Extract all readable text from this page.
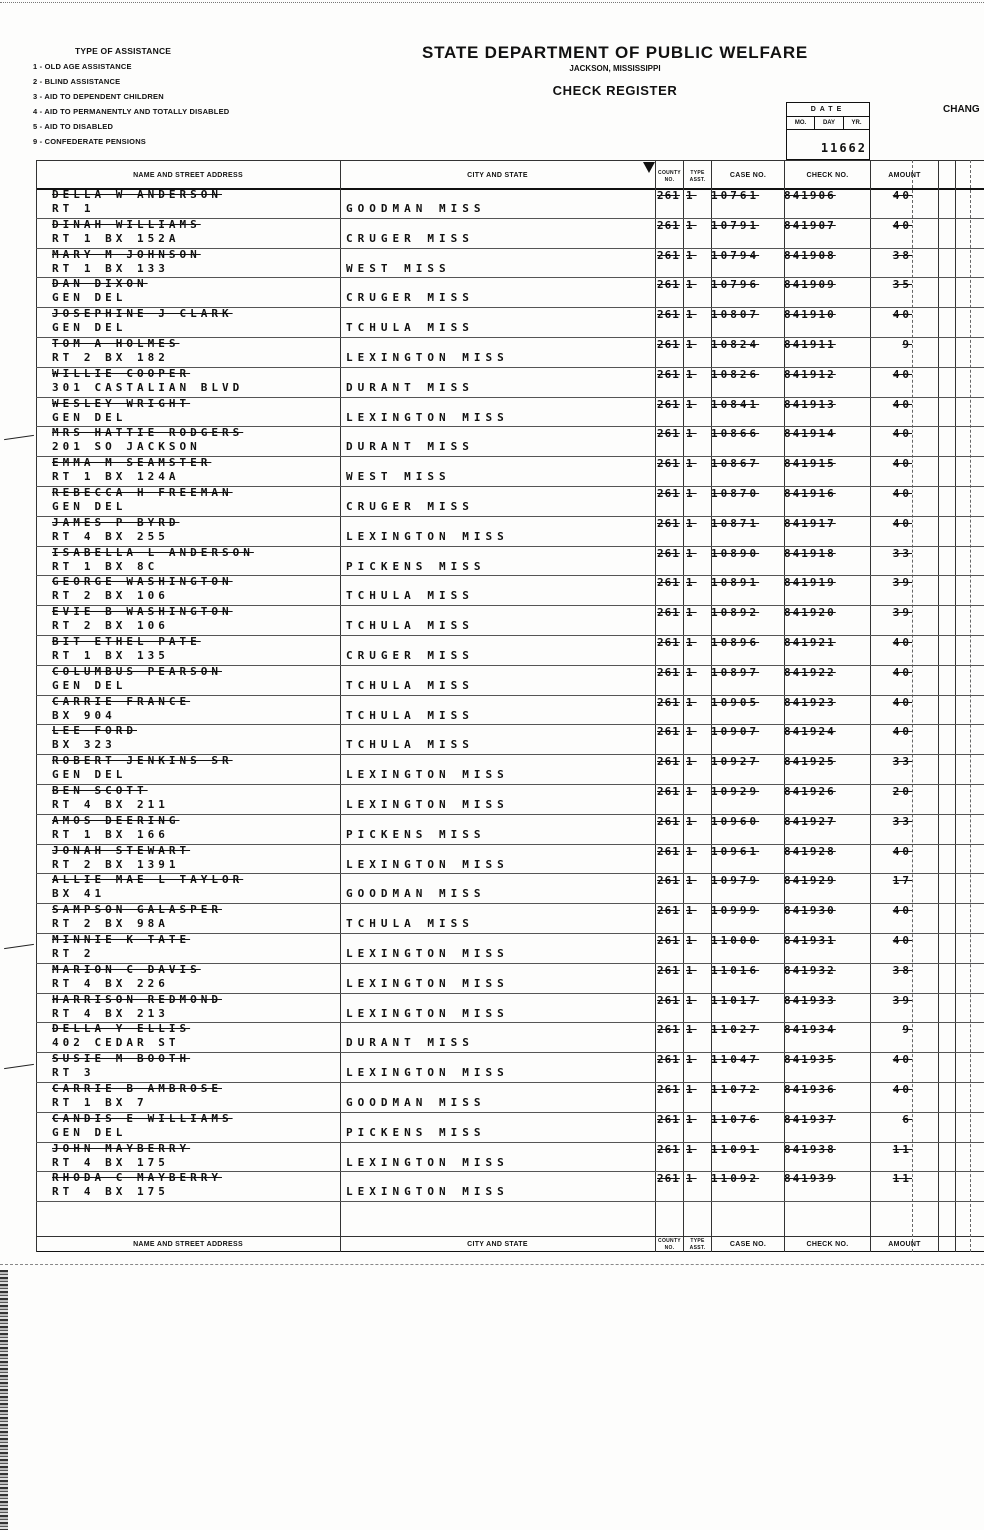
TYPE OF ASSISTANCE
1 - OLD AGE ASSISTANCE
2 - BLIND ASSISTANCE
3 - AID TO DEPENDENT CHILDREN
4 - AID TO PERMANENTLY AND TOTALLY DISABLED
5 - AID TO DISABLED
9 - CONFEDERATE PENSIONS
STATE DEPARTMENT OF PUBLIC WELFARE
JACKSON, MISSISSIPPI
CHECK REGISTER
CHANG
DATE
MO.	DAY	YR.
11662
NAME AND STREET ADDRESS	CITY AND STATE	COUNTY NO.
TYPE ASST.
CASE NO.	CHECK NO.	AMOUNT
DELLA W ANDERSON
RT 1	GOODMAN MISS
261 1 10761 841906	40
DINAH WILLIAMS
RT 1 BX 152A	CRUGER MISS
261 1 10791 841907	40
MARY M JOHNSON
RT 1 BX 133	WEST MISS
261 1 10794 841908	38
DAN DIXON
GEN DEL	CRUGER MISS
261 1 10796 841909	35
JOSEPHINE J CLARK
GEN DEL	TCHULA MISS
261 1 10807 841910	40
TOM A HOLMES
RT 2 BX 182	LEXINGTON MISS
261 1 10824 841911	9
WILLIE COOPER
301 CASTALIAN BLVD	DURANT MISS
261 1 10826 841912	40
WESLEY WRIGHT
GEN DEL	LEXINGTON MISS
261 1 10841 841913	40
MRS HATTIE RODGERS
201 SO JACKSON	DURANT MISS
261 1 10866 841914	40
EMMA M SEAMSTER
RT 1 BX 124A	WEST MISS
261 1 10867 841915	40
REBECCA H FREEMAN
GEN DEL	CRUGER MISS
261 1 10870 841916	40
JAMES P BYRD
RT 4 BX 255	LEXINGTON MISS
261 1 10871 841917	40
ISABELLA L ANDERSON
RT 1 BX 8C	PICKENS MISS
261 1 10890 841918	33
GEORGE WASHINGTON
RT 2 BX 106	TCHULA MISS
261 1 10891 841919	39
EVIE B WASHINGTON
RT 2 BX 106	TCHULA MISS
261 1 10892 841920	39
BIT ETHEL PATE
RT 1 BX 135	CRUGER MISS
261 1 10896 841921	40
COLUMBUS PEARSON
GEN DEL	TCHULA MISS
261 1 10897 841922	40
CARRIE FRANCE
BX 904	TCHULA MISS
261 1 10905 841923	40
LEE FORD
BX 323	TCHULA MISS
261 1 10907 841924	40
ROBERT JENKINS SR
GEN DEL	LEXINGTON MISS
261 1 10927 841925	33
BEN SCOTT
RT 4 BX 211	LEXINGTON MISS
261 1 10929 841926	20
AMOS DEERING
RT 1 BX 166	PICKENS MISS
261 1 10960 841927	33
JONAH STEWART
RT 2 BX 1391	LEXINGTON MISS
261 1 10961 841928	40
ALLIE MAE L TAYLOR
BX 41	GOODMAN MISS
261 1 10979 841929	17
SAMPSON GALASPER
RT 2 BX 98A	TCHULA MISS
261 1 10999 841930	40
MINNIE K TATE
RT 2	LEXINGTON MISS
261 1 11000 841931	40
MARION C DAVIS
RT 4 BX 226	LEXINGTON MISS
261 1 11016 841932	38
HARRISON REDMOND
RT 4 BX 213	LEXINGTON MISS
261 1 11017 841933	39
DELLA Y ELLIS
402 CEDAR ST	DURANT MISS
261 1 11027 841934	9
SUSIE M BOOTH
RT 3	LEXINGTON MISS
261 1 11047 841935	40
CARRIE B AMBROSE
RT 1 BX 7	GOODMAN MISS
261 1 11072 841936	40
CANDIS E WILLIAMS
GEN DEL	PICKENS MISS
261 1 11076 841937	6
JOHN MAYBERRY
RT 4 BX 175	LEXINGTON MISS
261 1 11091 841938	11
RHODA C MAYBERRY
RT 4 BX 175	LEXINGTON MISS
261 1 11092 841939	11
NAME AND STREET ADDRESS	CITY AND STATE	COUNTY NO.
TYPE ASST.	CASE NO.	CHECK NO.	AMOUNT
